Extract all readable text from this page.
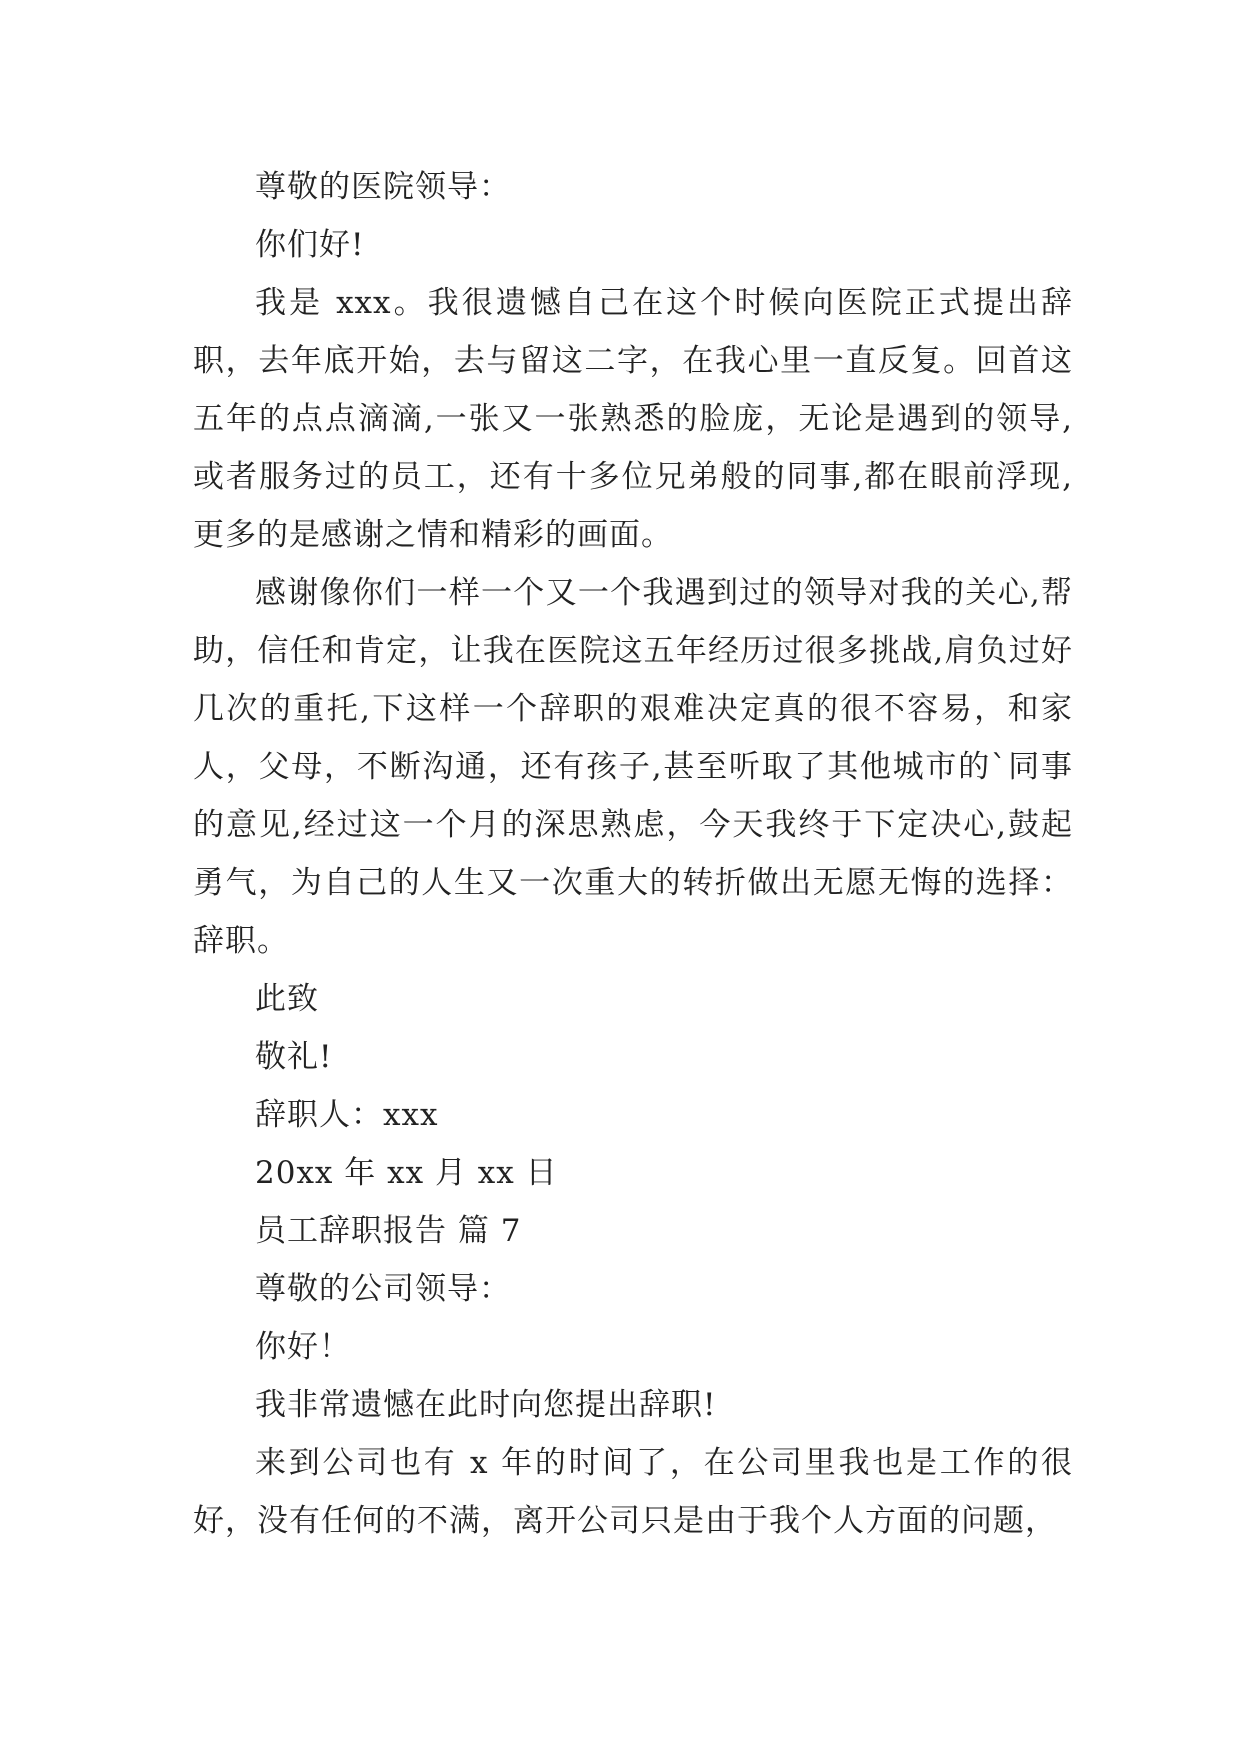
尊敬的医院领导：

你们好!

我是 xxx。我很遗憾自己在这个时候向医院正式提出辞职，去年底开始，去与留这二字，在我心里一直反复。回首这五年的点点滴滴,一张又一张熟悉的脸庞，无论是遇到的领导,或者服务过的员工，还有十多位兄弟般的同事,都在眼前浮现,更多的是感谢之情和精彩的画面。

感谢像你们一样一个又一个我遇到过的领导对我的关心,帮助，信任和肯定，让我在医院这五年经历过很多挑战,肩负过好几次的重托,下这样一个辞职的艰难决定真的很不容易，和家人，父母，不断沟通，还有孩子,甚至听取了其他城市的`同事的意见,经过这一个月的深思熟虑，今天我终于下定决心,鼓起勇气，为自己的人生又一次重大的转折做出无愿无悔的选择：辞职。

此致

敬礼!

辞职人：xxx

20xx 年 xx 月 xx 日

员工辞职报告 篇 7

尊敬的公司领导：

你好！

我非常遗憾在此时向您提出辞职!

来到公司也有 x 年的时间了，在公司里我也是工作的很好，没有任何的不满，离开公司只是由于我个人方面的问题，
